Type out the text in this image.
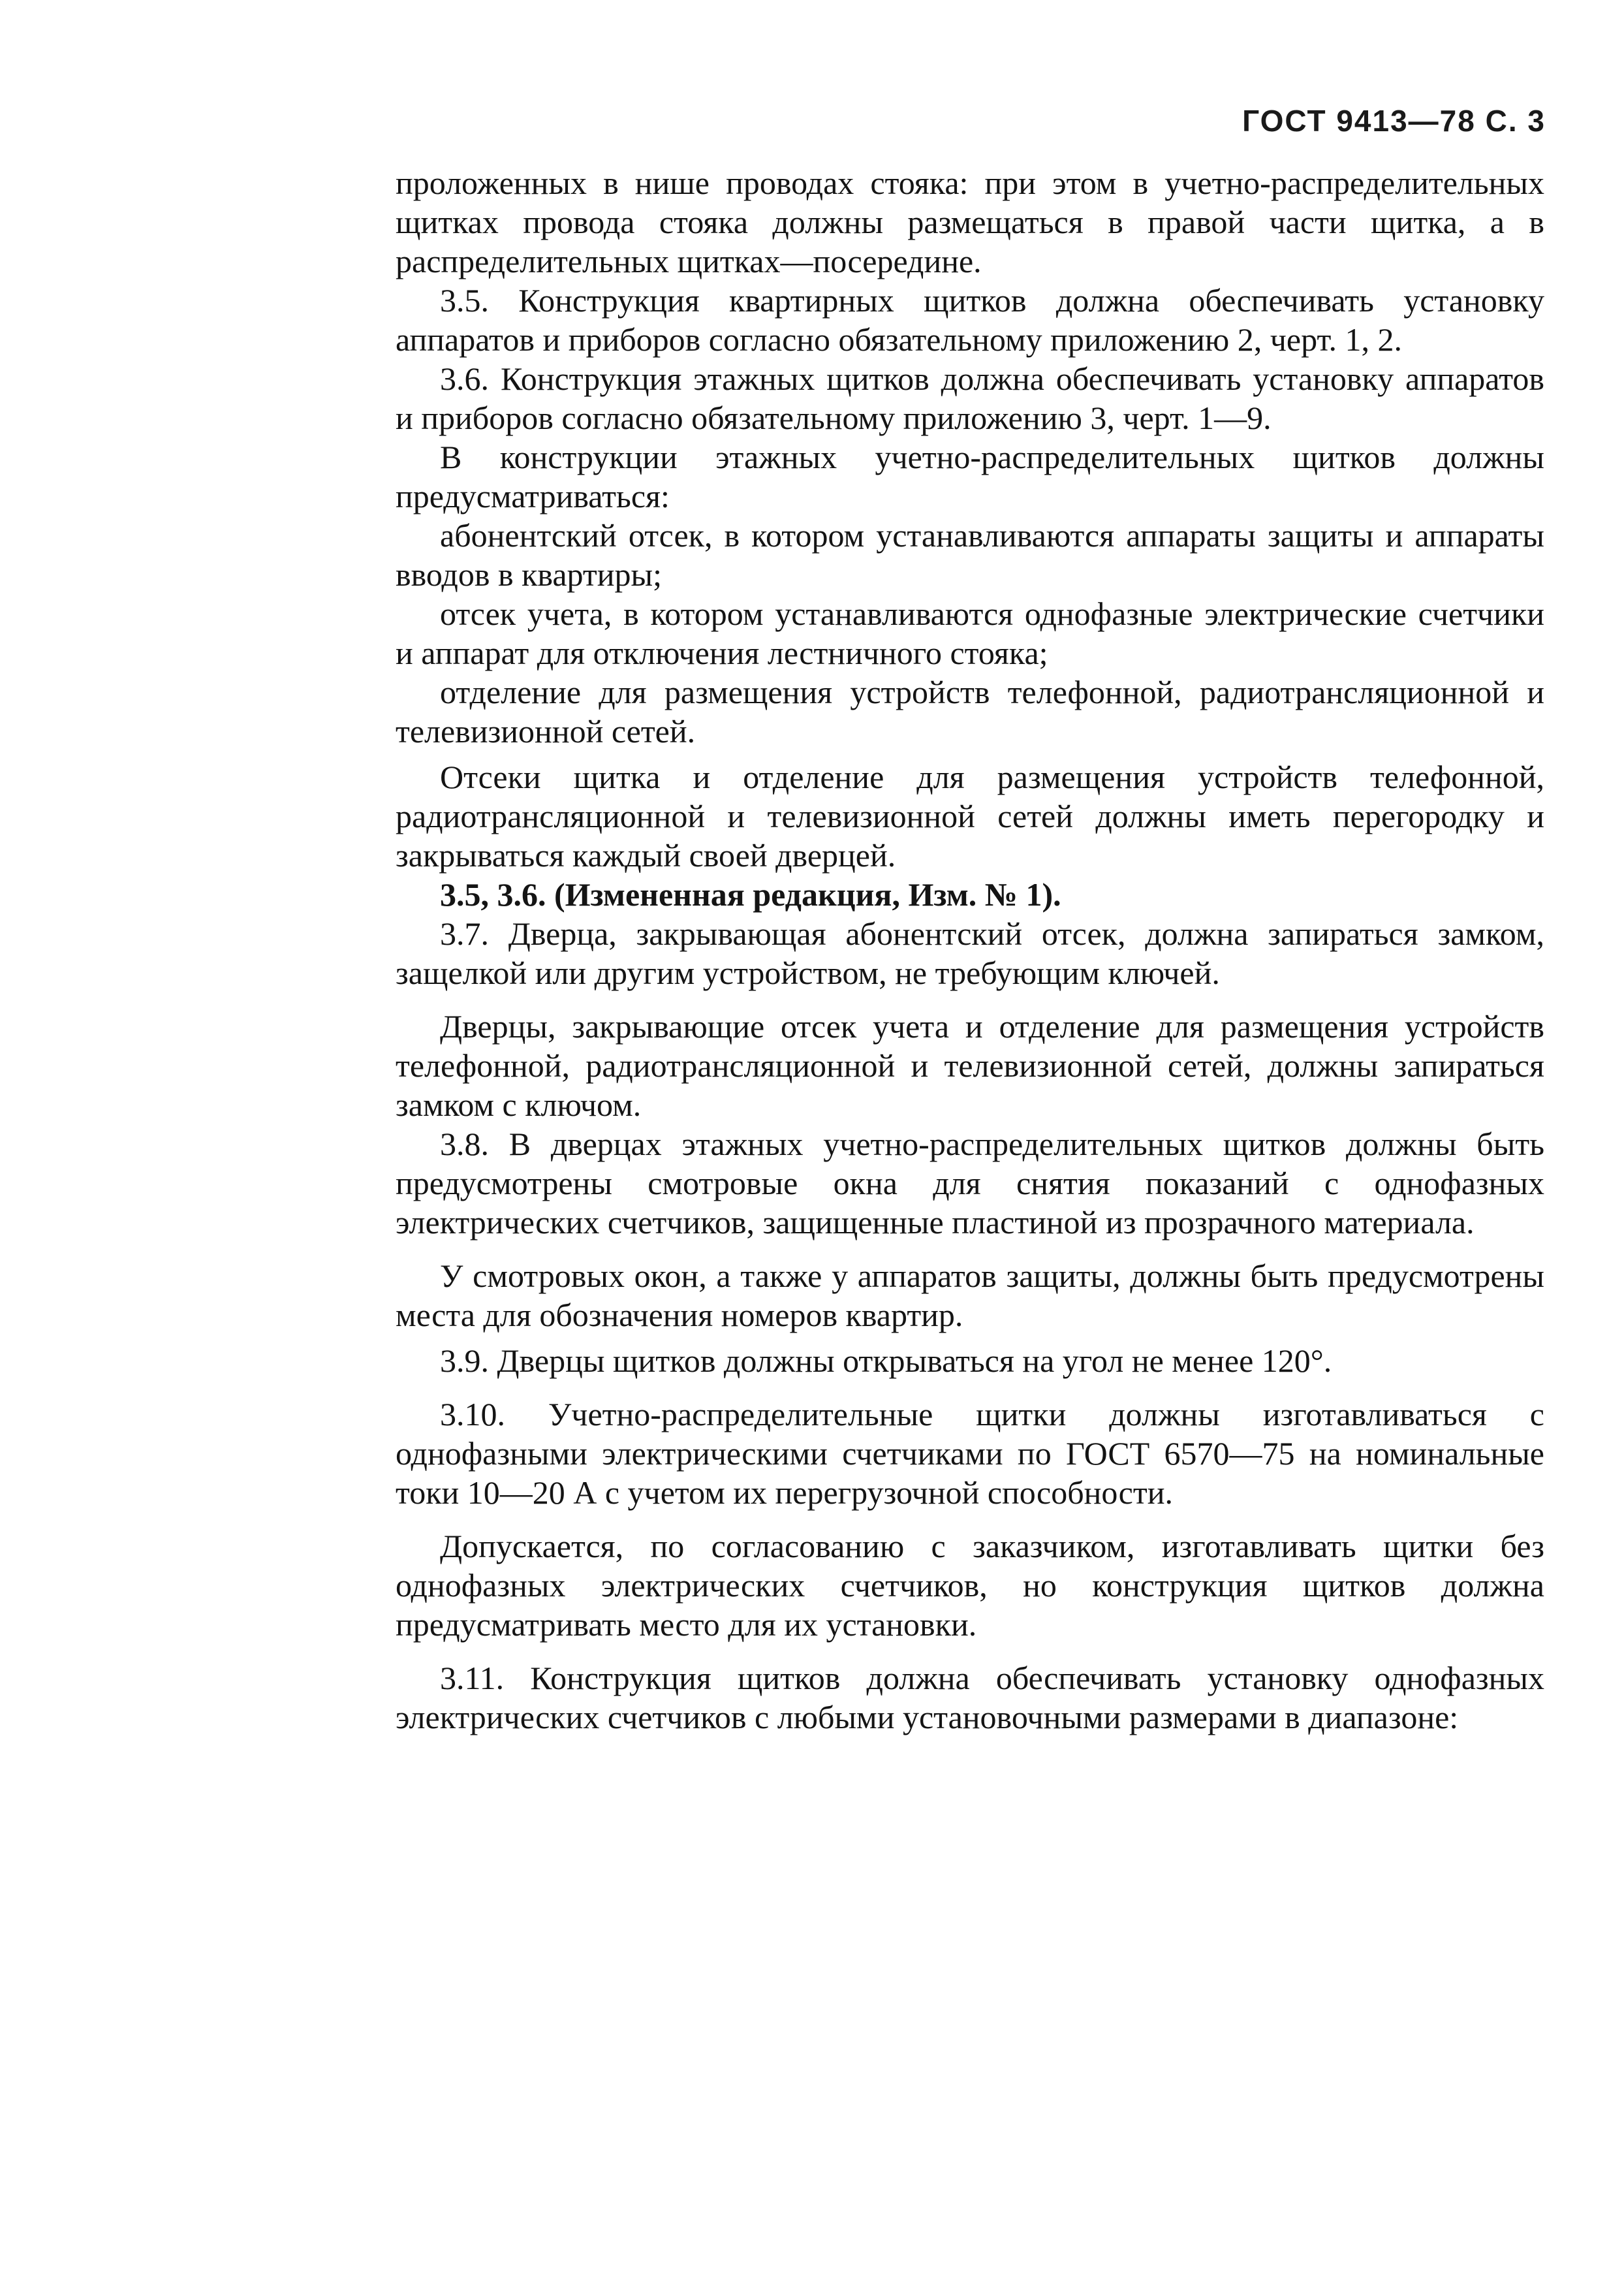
ГОСТ 9413—78 С. 3

проложенных в нише проводах стояка: при этом в учетно-распределительных щитках провода стояка должны размещаться в правой части щитка, а в распределительных щитках—посередине.

3.5. Конструкция квартирных щитков должна обеспечивать установку аппаратов и приборов согласно обязательному приложению 2, черт. 1, 2.

3.6. Конструкция этажных щитков должна обеспечивать установку аппаратов и приборов согласно обязательному приложению 3, черт. 1—9.

В конструкции этажных учетно-распределительных щитков должны предусматриваться:

абонентский отсек, в котором устанавливаются аппараты защиты и аппараты вводов в квартиры;

отсек учета, в котором устанавливаются однофазные электрические счетчики и аппарат для отключения лестничного стояка;

отделение для размещения устройств телефонной, радиотрансляционной и телевизионной сетей.

Отсеки щитка и отделение для размещения устройств телефонной, радиотрансляционной и телевизионной сетей должны иметь перегородку и закрываться каждый своей дверцей.

3.5, 3.6. (Измененная редакция, Изм. № 1).

3.7. Дверца, закрывающая абонентский отсек, должна запираться замком, защелкой или другим устройством, не требующим ключей.

Дверцы, закрывающие отсек учета и отделение для размещения устройств телефонной, радиотрансляционной и телевизионной сетей, должны запираться замком с ключом.

3.8. В дверцах этажных учетно-распределительных щитков должны быть предусмотрены смотровые окна для снятия показаний с однофазных электрических счетчиков, защищенные пластиной из прозрачного материала.

У смотровых окон, а также у аппаратов защиты, должны быть предусмотрены места для обозначения номеров квартир.

3.9. Дверцы щитков должны открываться на угол не менее 120°.

3.10. Учетно-распределительные щитки должны изготавливаться с однофазными электрическими счетчиками по ГОСТ 6570—75 на номинальные токи 10—20 А с учетом их перегрузочной способности.

Допускается, по согласованию с заказчиком, изготавливать щитки без однофазных электрических счетчиков, но конструкция щитков должна предусматривать место для их установки.

3.11. Конструкция щитков должна обеспечивать установку однофазных электрических счетчиков с любыми установочными размерами в диапазоне:
